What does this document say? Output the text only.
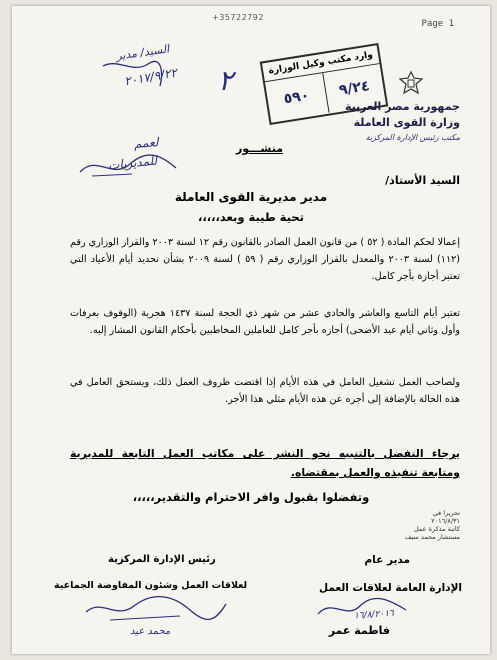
+35722792
Page 1
السيد/ مدير
٢٠١٧/٩/٢٢
لعمم
للمديريات
٢
وارد مكتب وكيل الوزارة
٥٩٠	٩/٢٤
جمهورية مصر العربية
وزارة القوى العاملة
مكتب رئيس الإدارة المركزية
منشـــور
السيد الأستاذ/
مدير مديرية القوى العاملة
تحية طيبة وبعد،،،،،
إعمالا لحكم المادة ( ٥٢ ) من قانون العمل الصادر بالقانون رقم ١٢ لسنة ٢٠٠٣ والقرار الوزاري رقم (١١٢) لسنة ٢٠٠٣ والمعدل بالقرار الوزاري رقم ( ٥٩ ) لسنة ٢٠٠٩ بشأن تحديد أيام الأعياد التي تعتبر أجازة بأجر كامل.
تعتبر أيام التاسع والعاشر والحادي عشر من شهر ذي الحجة لسنة ١٤٣٧ هجرية (الوقوف بعرفات وأول وثاني أيام عيد الأضحى) أجازه بأجر كامل للعاملين المخاطبين بأحكام القانون المشار إليه.
ولصاحب العمل تشغيل العامل في هذه الأيام إذا اقتضت ظروف العمل ذلك، ويستحق العامل في هذه الحالة بالإضافة إلى أجره عن هذه الأيام مثلي هذا الأجر.
يرجاء التفضل بالتنبيه نحو النشر على مكاتب العمل التابعة للمديرية ومتابعة تنفيذه والعمل بمقتضاه.
وتفضلوا بقبول وافر الاحترام والتقدير،،،،،
تحريرا في
٢٠١٦/٨/٣١
كاتبة مذكرة عمل
مستشار محمد سيف
مدير عام
الإدارة العامة لعلاقات العمل
١٦/٨/٢٠١٦
فاطمة عمر
رئيس الإدارة المركزية
لعلاقات العمل وشئون المفاوضة الجماعية
محمد عيد
